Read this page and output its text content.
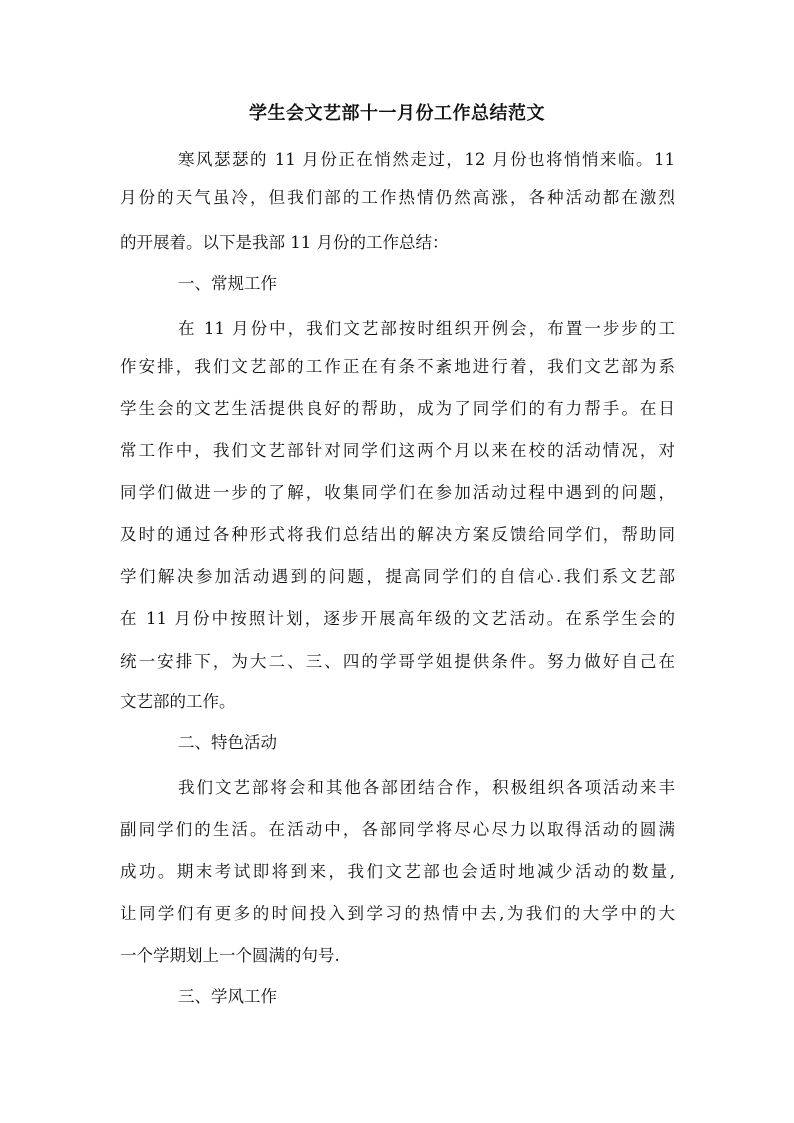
学生会文艺部十一月份工作总结范文
寒风瑟瑟的 11 月份正在悄然走过，12 月份也将悄悄来临。11
月份的天气虽冷，但我们部的工作热情仍然高涨，各种活动都在激烈
的开展着。以下是我部 11 月份的工作总结：
一、常规工作
在 11 月份中，我们文艺部按时组织开例会，布置一步步的工
作安排，我们文艺部的工作正在有条不紊地进行着，我们文艺部为系
学生会的文艺生活提供良好的帮助，成为了同学们的有力帮手。在日
常工作中，我们文艺部针对同学们这两个月以来在校的活动情况，对
同学们做进一步的了解，收集同学们在参加活动过程中遇到的问题，
及时的通过各种形式将我们总结出的解决方案反馈给同学们，帮助同
学们解决参加活动遇到的问题，提高同学们的自信心.我们系文艺部
在 11 月份中按照计划，逐步开展高年级的文艺活动。在系学生会的
统一安排下，为大二、三、四的学哥学姐提供条件。努力做好自己在
文艺部的工作。
二、特色活动
我们文艺部将会和其他各部团结合作，积极组织各项活动来丰
副同学们的生活。在活动中，各部同学将尽心尽力以取得活动的圆满
成功。期末考试即将到来，我们文艺部也会适时地减少活动的数量,
让同学们有更多的时间投入到学习的热情中去,为我们的大学中的大
一个学期划上一个圆满的句号.
三、学风工作
